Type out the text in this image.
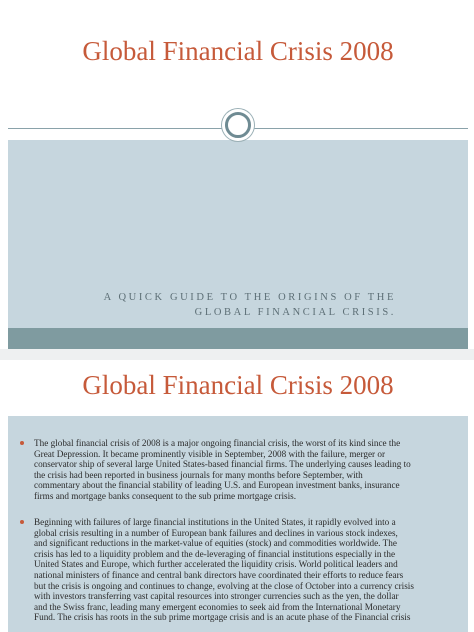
Global Financial Crisis 2008
A QUICK GUIDE TO THE ORIGINS OF THE
GLOBAL FINANCIAL CRISIS.
Global Financial Crisis 2008
The global financial crisis of 2008 is a major ongoing financial crisis, the worst of its kind since the
Great Depression. It became prominently visible in September, 2008 with the failure, merger or
conservator ship of several large United States-based financial firms. The underlying causes leading to
the crisis had been reported in business journals for many months before September, with
commentary about the financial stability of leading U.S. and European investment banks, insurance
firms and mortgage banks consequent to the sub prime mortgage crisis.
Beginning with failures of large financial institutions in the United States, it rapidly evolved into a
global crisis resulting in a number of European bank failures and declines in various stock indexes,
and significant reductions in the market-value of equities (stock) and commodities worldwide. The
crisis has led to a liquidity problem and the de-leveraging of financial institutions especially in the
United States and Europe, which further accelerated the liquidity crisis. World political leaders and
national ministers of finance and central bank directors have coordinated their efforts to reduce fears
but the crisis is ongoing and continues to change, evolving at the close of October into a currency crisis
with investors transferring vast capital resources into stronger currencies such as the yen, the dollar
and the Swiss franc, leading many emergent economies to seek aid from the International Monetary
Fund. The crisis has roots in the sub prime mortgage crisis and is an acute phase of the Financial crisis
